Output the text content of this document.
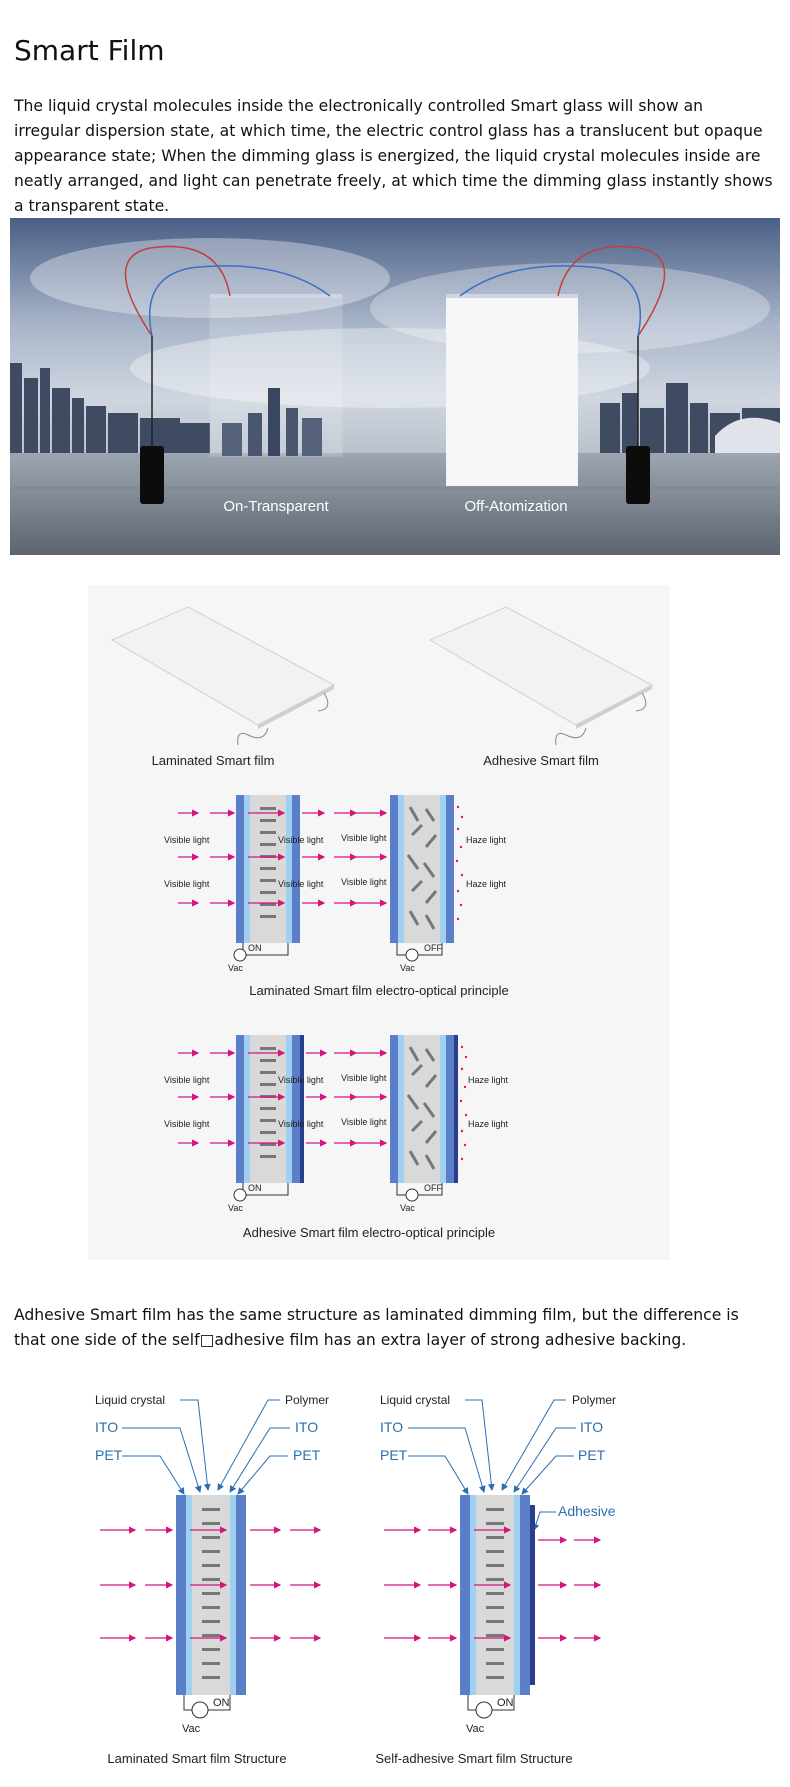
Smart Film

The liquid crystal molecules inside the electronically controlled Smart glass will show an irregular dispersion state, at which time, the electric control glass has a translucent but opaque appearance state; When the dimming glass is energized, the liquid crystal molecules inside are neatly arranged, and light can penetrate freely, at which time the dimming glass instantly shows a transparent state.

On-Transparent	Off-Atomization
Laminated Smart film	Adhesive Smart film
Visible light
Visible light
Visible light
Visible light
Vac
ON
Visible light
Visible light
Haze light
Haze light
Vac
OFF
Laminated Smart film electro-optical principle
Visible light
Visible light
Visible light
Visible light
Vac
ON
Visible light
Visible light
Haze light
Haze light
Vac
OFF
Adhesive Smart film electro-optical principle

Adhesive Smart film has the same structure as laminated dimming film, but the difference is that one side of the self□adhesive film has an extra layer of strong adhesive backing.

Liquid crystal	Polymer
ITO	ITO
PET	PET
Vac
ON
Laminated Smart film Structure
Liquid crystal	Polymer
ITO	ITO
PET	PET
Adhesive
Vac
ON
Self-adhesive Smart film Structure
